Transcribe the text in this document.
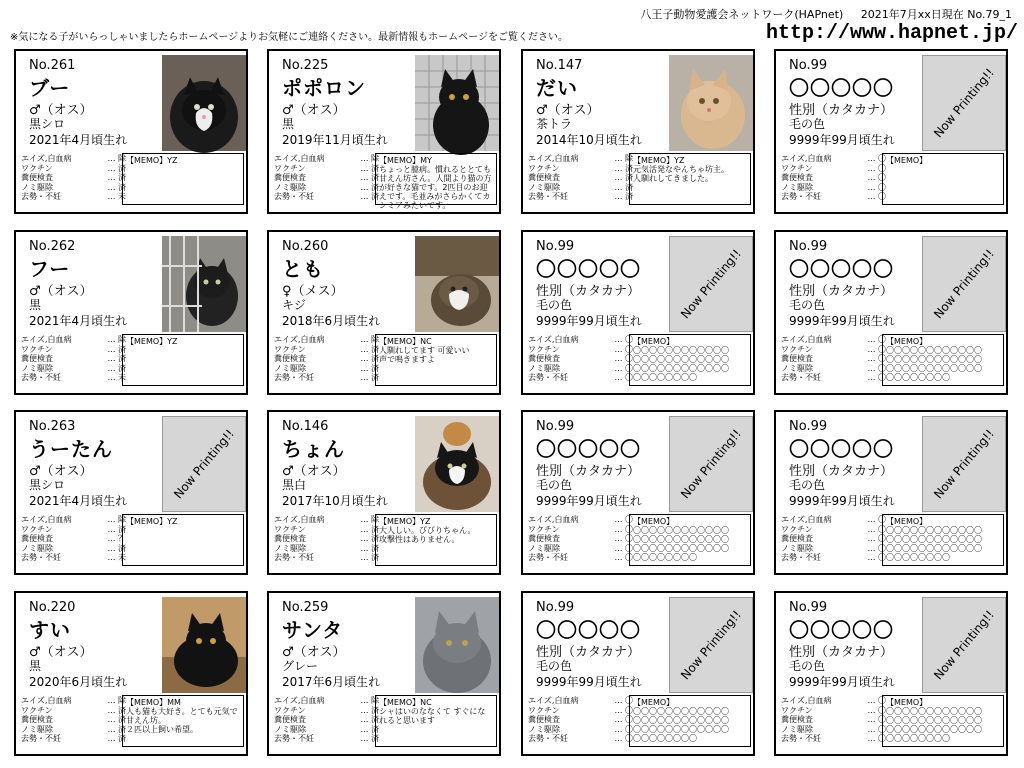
八王子動物愛護会ネットワーク(HAPnet) 2021年7月xx日現在 No.79_1
※気になる子がいらっしゃいましたらホームページよりお気軽にご連絡ください。最新情報もホームページをご覧ください。	http://www.hapnet.jp/
No.261
ブー
♂（オス）
黒シロ
2021年4月頃生れ
エイズ,白血病	… 除
ワクチン	… 済
糞便検査	… 済
ノミ駆除	… 済
去勢・不妊	… 未
【MEMO】YZ
No.225
ポポロン
♂（オス）
黒
2019年11月頃生れ
エイズ,白血病	… 除
ワクチン	… 済
糞便検査	… 済
ノミ駆除	… 済
去勢・不妊	… 済
【MEMO】MY
ちょっと臆病。慣れるととても甘えん坊さん。人間より猫の方が好きな猫です。2匹目のお迎えです。毛並みがさらかくてカシミアみたいです。
No.147
だい
♂（オス）
茶トラ
2014年10月頃生れ
エイズ,白血病	… 除
ワクチン	… 済
糞便検査	… 済
ノミ駆除	… 済
去勢・不妊	… 済
【MEMO】YZ
元気活発なやんちゃ坊主。
人馴れしてきました。
No.99
〇〇〇〇〇
性別（カタカナ）
毛の色
9999年99月頃生れ	Now Printing!!
エイズ,白血病	… 〇
ワクチン	… 〇
糞便検査	… 〇
ノミ駆除	… 〇
去勢・不妊	… 〇
【MEMO】
No.262
フー
♂（オス）
黒
2021年4月頃生れ
エイズ,白血病	… 除
ワクチン	… 済
糞便検査	… 済
ノミ駆除	… 済
去勢・不妊	… 未
【MEMO】YZ
No.260
とも
♀（メス）
キジ
2018年6月頃生れ
エイズ,白血病	… 除
ワクチン	… 済
糞便検査	… 済
ノミ駆除	… 済
去勢・不妊	… 済
【MEMO】NC
人馴れしてます 可愛いい
声で鳴きますよ
No.99
〇〇〇〇〇
性別（カタカナ）
毛の色
9999年99月頃生れ	Now Printing!!
エイズ,白血病	… 〇
ワクチン	… 〇
糞便検査	… 〇
ノミ駆除	… 〇
去勢・不妊	… 〇
【MEMO】
〇〇〇〇〇〇〇〇〇〇〇〇
〇〇〇〇〇〇〇〇〇〇〇〇
〇〇〇〇〇〇〇〇〇〇〇〇
〇〇〇〇〇〇〇〇
No.99
〇〇〇〇〇
性別（カタカナ）
毛の色
9999年99月頃生れ	Now Printing!!
エイズ,白血病	… 〇
ワクチン	… 〇
糞便検査	… 〇
ノミ駆除	… 〇
去勢・不妊	… 〇
【MEMO】
〇〇〇〇〇〇〇〇〇〇〇〇
〇〇〇〇〇〇〇〇〇〇〇〇
〇〇〇〇〇〇〇〇〇〇〇〇
〇〇〇〇〇〇〇〇
No.263
うーたん
♂（オス）
黒シロ
2021年4月頃生れ	Now Printing!!
エイズ,白血病	… 除
ワクチン	… 済
糞便検査	… ？
ノミ駆除	… 済
去勢・不妊	… 未
【MEMO】YZ
No.146
ちょん
♂（オス）
黒白
2017年10月頃生れ
エイズ,白血病	… 除
ワクチン	… 済
糞便検査	… 済
ノミ駆除	… 済
去勢・不妊	… 済
【MEMO】YZ
大人しい。びびりちゃん。
攻撃性はありません。
No.99
〇〇〇〇〇
性別（カタカナ）
毛の色
9999年99月頃生れ	Now Printing!!
エイズ,白血病	… 〇
ワクチン	… 〇
糞便検査	… 〇
ノミ駆除	… 〇
去勢・不妊	… 〇
【MEMO】
〇〇〇〇〇〇〇〇〇〇〇〇
〇〇〇〇〇〇〇〇〇〇〇〇
〇〇〇〇〇〇〇〇〇〇〇〇
〇〇〇〇〇〇〇〇
No.99
〇〇〇〇〇
性別（カタカナ）
毛の色
9999年99月頃生れ	Now Printing!!
エイズ,白血病	… 〇
ワクチン	… 〇
糞便検査	… 〇
ノミ駆除	… 〇
去勢・不妊	… 〇
【MEMO】
〇〇〇〇〇〇〇〇〇〇〇〇
〇〇〇〇〇〇〇〇〇〇〇〇
〇〇〇〇〇〇〇〇〇〇〇〇
〇〇〇〇〇〇〇〇
No.220
すい
♂（オス）
黒
2020年6月頃生れ
エイズ,白血病	… 除
ワクチン	… 済
糞便検査	… 済
ノミ駆除	… 済
去勢・不妊	… 済
【MEMO】MM
人も猫も大好き。とても元気で甘えん坊。
２匹以上飼い希望。
No.259
サンタ
♂（オス）
グレー
2017年6月頃生れ
エイズ,白血病	… 除
ワクチン	… 済
糞便検査	… 済
ノミ駆除	… 済
去勢・不妊	… 済
【MEMO】NC
シャはいのななくて すぐになれると思います
No.99
〇〇〇〇〇
性別（カタカナ）
毛の色
9999年99月頃生れ	Now Printing!!
エイズ,白血病	… 〇
ワクチン	… 〇
糞便検査	… 〇
ノミ駆除	… 〇
去勢・不妊	… 〇
【MEMO】
〇〇〇〇〇〇〇〇〇〇〇〇
〇〇〇〇〇〇〇〇〇〇〇〇
〇〇〇〇〇〇〇〇〇〇〇〇
〇〇〇〇〇〇〇〇
No.99
〇〇〇〇〇
性別（カタカナ）
毛の色
9999年99月頃生れ	Now Printing!!
エイズ,白血病	… 〇
ワクチン	… 〇
糞便検査	… 〇
ノミ駆除	… 〇
去勢・不妊	… 〇
【MEMO】
〇〇〇〇〇〇〇〇〇〇〇〇
〇〇〇〇〇〇〇〇〇〇〇〇
〇〇〇〇〇〇〇〇〇〇〇〇
〇〇〇〇〇〇〇〇
